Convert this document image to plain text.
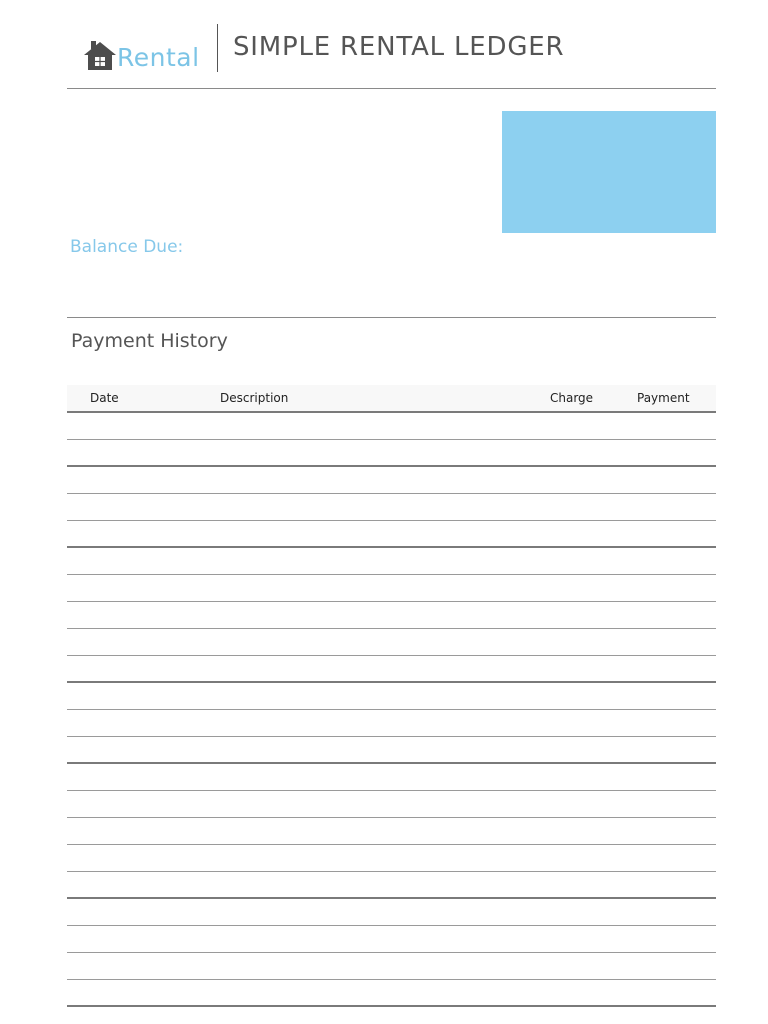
Rental SIMPLE RENTAL LEDGER
Balance Due:
Payment History
Date	Description	Charge	Payment
